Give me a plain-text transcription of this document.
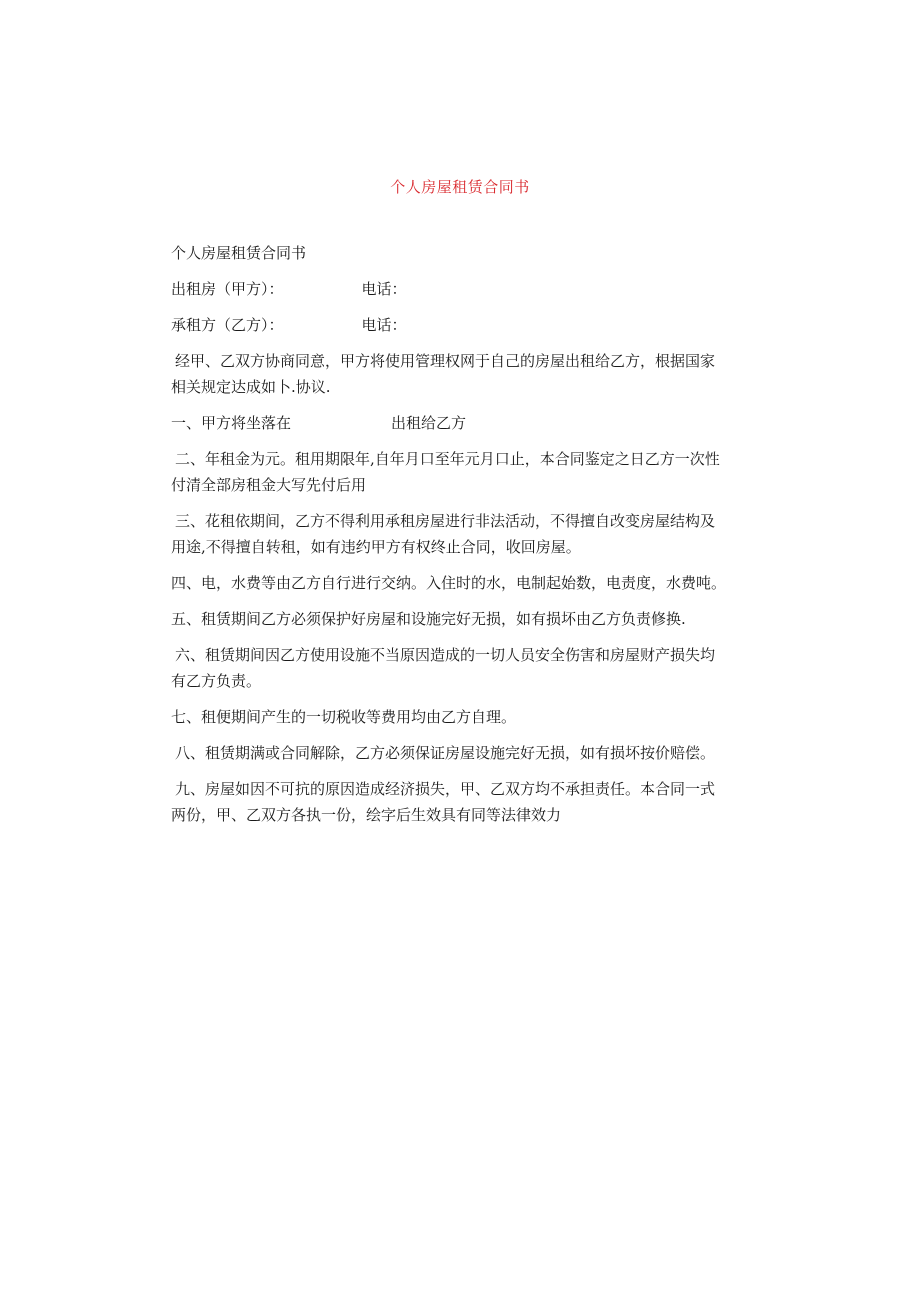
个人房屋租赁合同书

个人房屋租赁合同书

出租房（甲方）：	电话：

承租方（乙方）：	电话：

经甲、乙双方协商同意，甲方将使用管理权网于自己的房屋出租给乙方，根据国家
相关规定达成如卜.协议.

一、甲方将坐落在	出租给乙方

二、年租金为元。租用期限年,自年月口至年元月口止，本合同鉴定之日乙方一次性
付清全部房租金大写先付后用

三、花租依期间，乙方不得利用承租房屋进行非法活动，不得擅自改变房屋结构及
用途,不得擅自转租，如有违约甲方有权终止合同，收回房屋。

四、电，水费等由乙方自行进行交纳。入住时的水，电制起始数，电责度，水费吨。

五、租赁期间乙方必须保护好房屋和设施完好无损，如有损坏由乙方负责修换.

六、租赁期间因乙方使用设施不当原因造成的一切人员安全伤害和房屋财产损失均
有乙方负责。

七、租便期间产生的一切税收等费用均由乙方自理。

八、租赁期满或合同解除，乙方必须保证房屋设施完好无损，如有损坏按价赔偿。

九、房屋如因不可抗的原因造成经济损失，甲、乙双方均不承担责任。本合同一式
两份，甲、乙双方各执一份，绘字后生效具有同等法律效力
